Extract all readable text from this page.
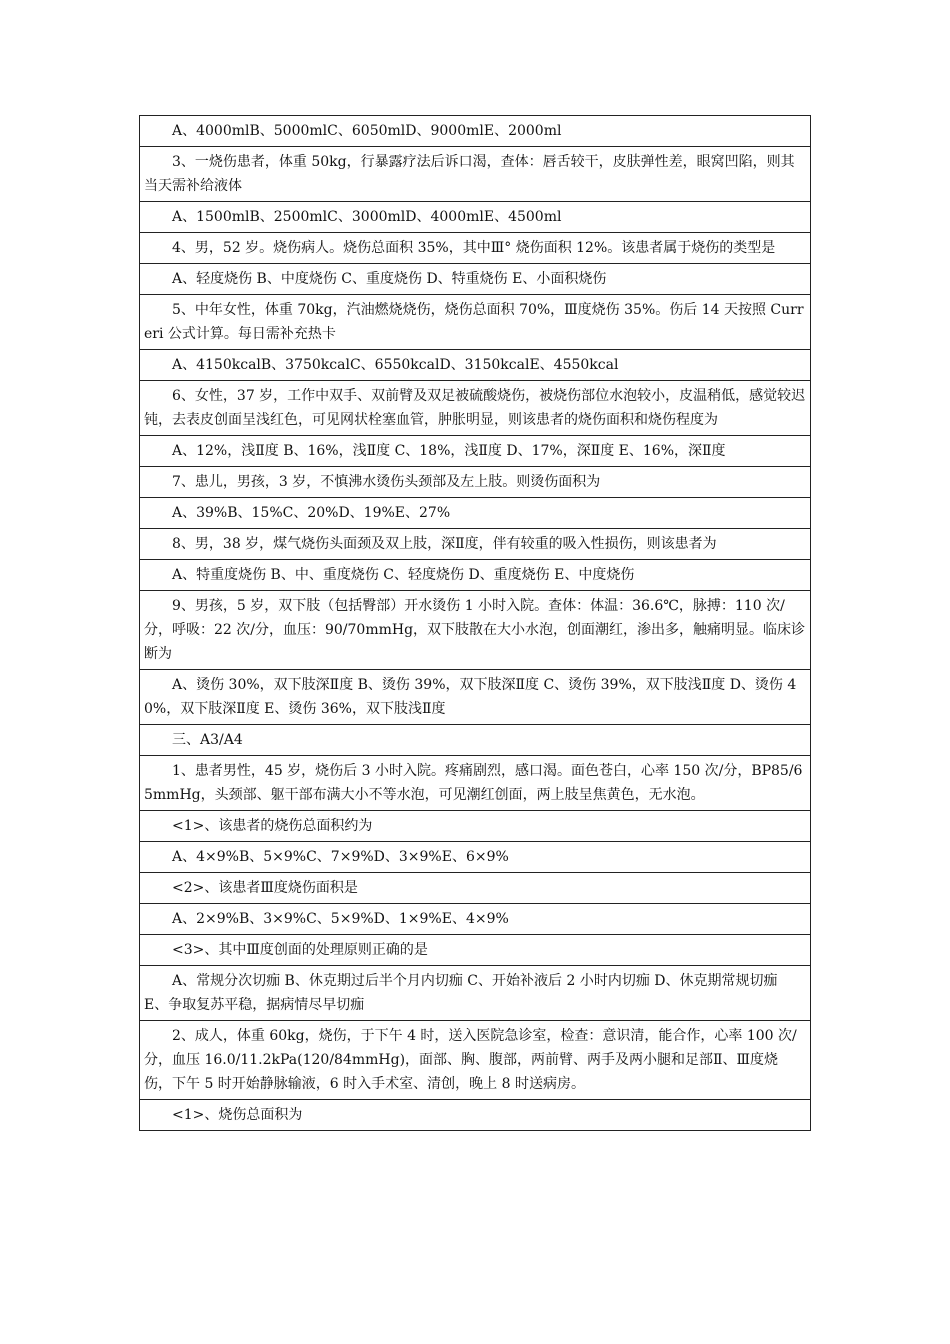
A、4000mlB、5000mlC、6050mlD、9000mlE、2000ml
3、一烧伤患者，体重 50kg，行暴露疗法后诉口渴，查体：唇舌较干，皮肤弹性差，眼窝凹陷，则其当天需补给液体
A、1500mlB、2500mlC、3000mlD、4000mlE、4500ml
4、男，52 岁。烧伤病人。烧伤总面积 35%，其中Ⅲ° 烧伤面积 12%。该患者属于烧伤的类型是
A、轻度烧伤 B、中度烧伤 C、重度烧伤 D、特重烧伤 E、小面积烧伤
5、中年女性，体重 70kg，汽油燃烧烧伤，烧伤总面积 70%，Ⅲ度烧伤 35%。伤后 14 天按照 Curreri 公式计算。每日需补充热卡
A、4150kcalB、3750kcalC、6550kcalD、3150kcalE、4550kcal
6、女性，37 岁，工作中双手、双前臂及双足被硫酸烧伤，被烧伤部位水泡较小，皮温稍低，感觉较迟钝，去表皮创面呈浅红色，可见网状栓塞血管，肿胀明显，则该患者的烧伤面积和烧伤程度为
A、12%，浅Ⅱ度 B、16%，浅Ⅱ度 C、18%，浅Ⅱ度 D、17%，深Ⅱ度 E、16%，深Ⅱ度
7、患儿，男孩，3 岁，不慎沸水烫伤头颈部及左上肢。则烫伤面积为
A、39%B、15%C、20%D、19%E、27%
8、男，38 岁，煤气烧伤头面颈及双上肢，深Ⅱ度，伴有较重的吸入性损伤，则该患者为
A、特重度烧伤 B、中、重度烧伤 C、轻度烧伤 D、重度烧伤 E、中度烧伤
9、男孩，5 岁，双下肢（包括臀部）开水烫伤 1 小时入院。查体：体温：36.6℃，脉搏：110 次/分，呼吸：22 次/分，血压：90/70mmHg，双下肢散在大小水泡，创面潮红，渗出多，触痛明显。临床诊断为
A、烫伤 30%，双下肢深Ⅱ度 B、烫伤 39%，双下肢深Ⅱ度 C、烫伤 39%，双下肢浅Ⅱ度 D、烫伤 40%，双下肢深Ⅱ度 E、烫伤 36%，双下肢浅Ⅱ度
三、A3/A4
1、患者男性，45 岁，烧伤后 3 小时入院。疼痛剧烈，感口渴。面色苍白，心率 150 次/分，BP85/65mmHg，头颈部、躯干部布满大小不等水泡，可见潮红创面，两上肢呈焦黄色，无水泡。
<1>、该患者的烧伤总面积约为
A、4×9%B、5×9%C、7×9%D、3×9%E、6×9%
<2>、该患者Ⅲ度烧伤面积是
A、2×9%B、3×9%C、5×9%D、1×9%E、4×9%
<3>、其中Ⅲ度创面的处理原则正确的是
A、常规分次切痂 B、休克期过后半个月内切痂 C、开始补液后 2 小时内切痂 D、休克期常规切痂 E、争取复苏平稳，据病情尽早切痂
2、成人，体重 60kg，烧伤，于下午 4 时，送入医院急诊室，检查：意识清，能合作，心率 100 次/分，血压 16.0/11.2kPa(120/84mmHg)，面部、胸、腹部，两前臂、两手及两小腿和足部Ⅱ、Ⅲ度烧伤，下午 5 时开始静脉输液，6 时入手术室、清创，晚上 8 时送病房。
<1>、烧伤总面积为
